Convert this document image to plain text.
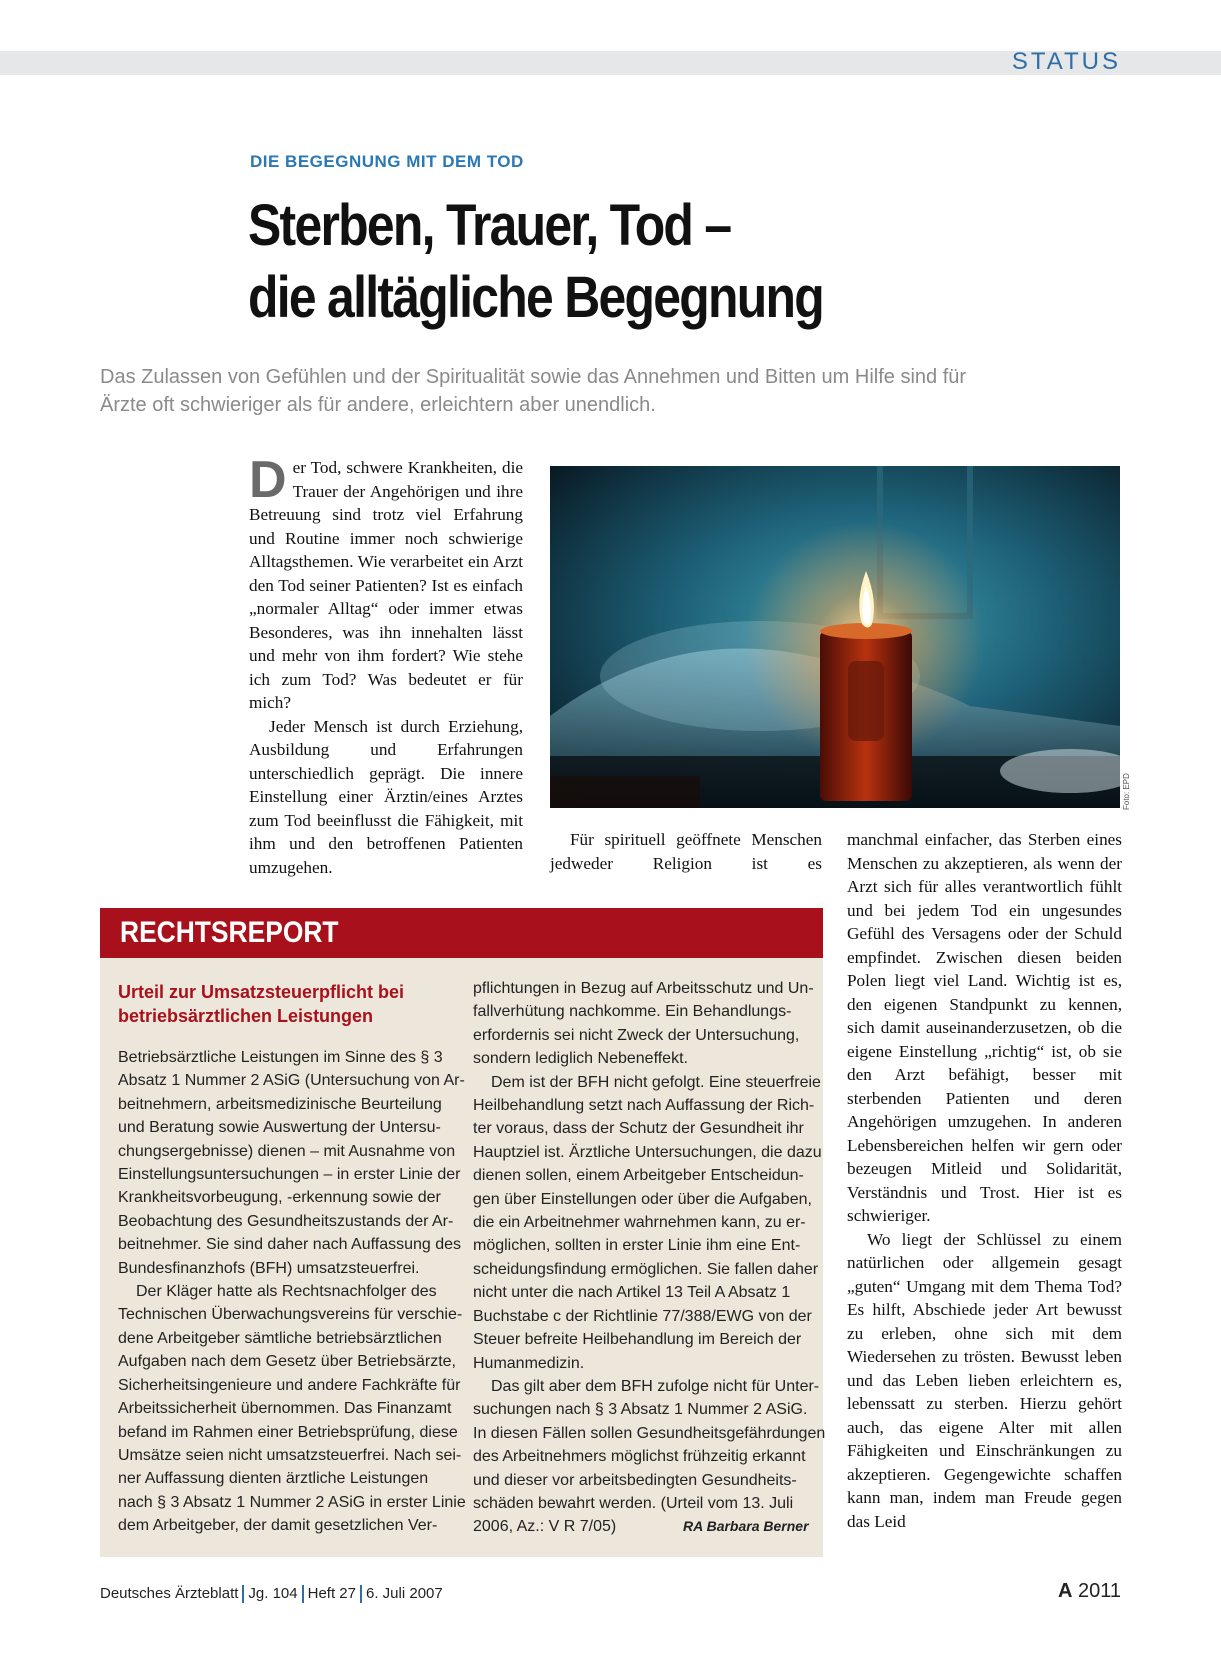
STATUS
DIE BEGEGNUNG MIT DEM TOD
Sterben, Trauer, Tod –
die alltägliche Begegnung
Das Zulassen von Gefühlen und der Spiritualität sowie das Annehmen und Bitten um Hilfe sind für
Ärzte oft schwieriger als für andere, erleichtern aber unendlich.

Der Tod, schwere Krankheiten, die Trauer der Angehörigen und ihre Betreuung sind trotz viel Erfahrung und Routine immer noch schwierige Alltagsthemen. Wie verarbeitet ein Arzt den Tod seiner Patienten? Ist es einfach „normaler Alltag“ oder immer etwas Besonderes, was ihn innehalten lässt und mehr von ihm fordert? Wie stehe ich zum Tod? Was bedeutet er für mich?

Jeder Mensch ist durch Erziehung, Ausbildung und Erfahrungen unterschiedlich geprägt. Die innere Einstellung einer Ärztin/eines Arztes zum Tod beeinflusst die Fähigkeit, mit ihm und den betroffenen Patienten umzugehen.

Foto: EPD

Für spirituell geöffnete Menschen jedweder Religion ist es

manchmal einfacher, das Sterben eines Menschen zu akzeptieren, als wenn der Arzt sich für alles verantwortlich fühlt und bei jedem Tod ein ungesundes Gefühl des Versagens oder der Schuld empfindet. Zwischen diesen beiden Polen liegt viel Land. Wichtig ist es, den eigenen Standpunkt zu kennen, sich damit auseinanderzusetzen, ob die eigene Einstellung „richtig“ ist, ob sie den Arzt befähigt, besser mit sterbenden Patienten und deren Angehörigen umzugehen. In anderen Lebensbereichen helfen wir gern oder bezeugen Mitleid und Solidarität, Verständnis und Trost. Hier ist es schwieriger.

Wo liegt der Schlüssel zu einem natürlichen oder allgemein gesagt „guten“ Umgang mit dem Thema Tod? Es hilft, Abschiede jeder Art bewusst zu erleben, ohne sich mit dem Wiedersehen zu trösten. Bewusst leben und das Leben lieben erleichtern es, lebenssatt zu sterben. Hierzu gehört auch, das eigene Alter mit allen Fähigkeiten und Einschränkungen zu akzeptieren. Gegengewichte schaffen kann man, indem man Freude gegen das Leid

RECHTSREPORT
Urteil zur Umsatzsteuerpflicht bei betriebsärztlichen Leistungen
Betriebsärztliche Leistungen im Sinne des § 3
Absatz 1 Nummer 2 ASiG (Untersuchung von Ar-
beitnehmern, arbeitsmedizinische Beurteilung
und Beratung sowie Auswertung der Untersu-
chungsergebnisse) dienen – mit Ausnahme von
Einstellungsuntersuchungen – in erster Linie der
Krankheitsvorbeugung, -erkennung sowie der
Beobachtung des Gesundheitszustands der Ar-
beitnehmer. Sie sind daher nach Auffassung des
Bundesfinanzhofs (BFH) umsatzsteuerfrei.
Der Kläger hatte als Rechtsnachfolger des
Technischen Überwachungsvereins für verschie-
dene Arbeitgeber sämtliche betriebsärztlichen
Aufgaben nach dem Gesetz über Betriebsärzte,
Sicherheitsingenieure und andere Fachkräfte für
Arbeitssicherheit übernommen. Das Finanzamt
befand im Rahmen einer Betriebsprüfung, diese
Umsätze seien nicht umsatzsteuerfrei. Nach sei-
ner Auffassung dienten ärztliche Leistungen
nach § 3 Absatz 1 Nummer 2 ASiG in erster Linie
dem Arbeitgeber, der damit gesetzlichen Ver-
pflichtungen in Bezug auf Arbeitsschutz und Un-
fallverhütung nachkomme. Ein Behandlungs-
erfordernis sei nicht Zweck der Untersuchung,
sondern lediglich Nebeneffekt.
Dem ist der BFH nicht gefolgt. Eine steuerfreie
Heilbehandlung setzt nach Auffassung der Rich-
ter voraus, dass der Schutz der Gesundheit ihr
Hauptziel ist. Ärztliche Untersuchungen, die dazu
dienen sollen, einem Arbeitgeber Entscheidun-
gen über Einstellungen oder über die Aufgaben,
die ein Arbeitnehmer wahrnehmen kann, zu er-
möglichen, sollten in erster Linie ihm eine Ent-
scheidungsfindung ermöglichen. Sie fallen daher
nicht unter die nach Artikel 13 Teil A Absatz 1
Buchstabe c der Richtlinie 77/388/EWG von der
Steuer befreite Heilbehandlung im Bereich der
Humanmedizin.
Das gilt aber dem BFH zufolge nicht für Unter-
suchungen nach § 3 Absatz 1 Nummer 2 ASiG.
In diesen Fällen sollen Gesundheitsgefährdungen
des Arbeitnehmers möglichst frühzeitig erkannt
und dieser vor arbeitsbedingten Gesundheits-
schäden bewahrt werden. (Urteil vom 13. Juli
2006, Az.: V R 7/05)	RA Barbara Berner
Deutsches Ärzteblatt Jg. 104 Heft 27 6. Juli 2007	A 2011
